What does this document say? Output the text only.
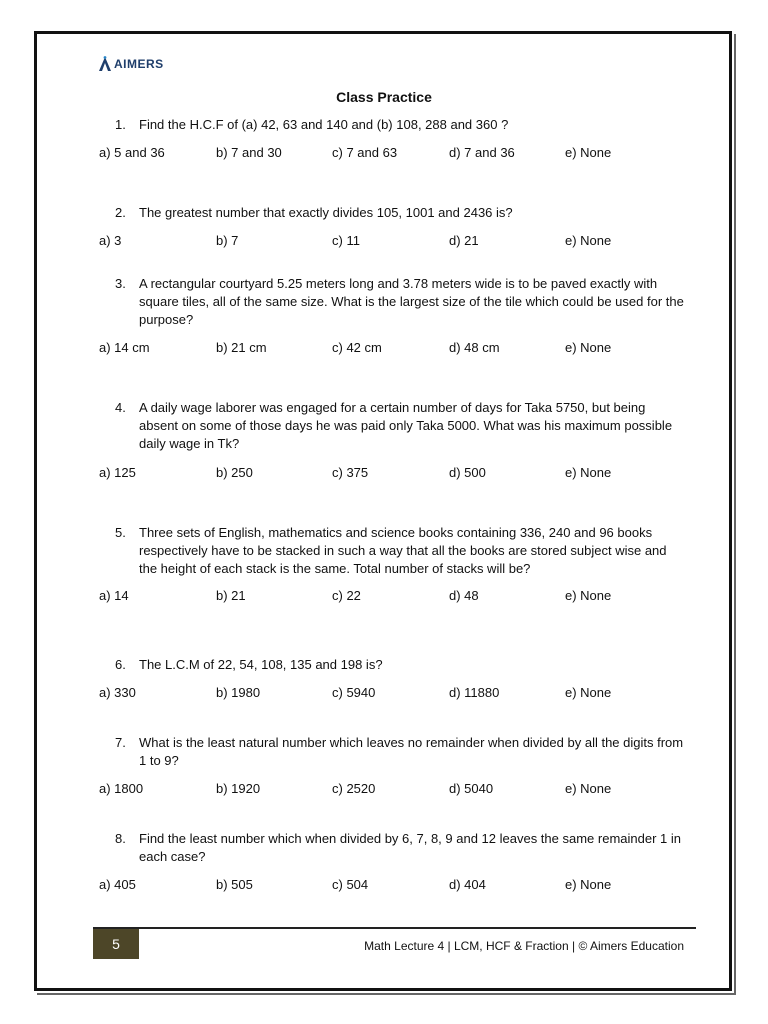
AIMERS
Class Practice
1.	Find the H.C.F of (a) 42, 63 and 140 and (b) 108, 288 and 360 ?
a) 5 and 36	b) 7 and 30	c) 7 and 63	d) 7 and 36	e) None
2.	The greatest number that exactly divides 105, 1001 and 2436 is?
a) 3	b) 7	c) 11	d) 21	e) None
3.	A rectangular courtyard 5.25 meters long and 3.78 meters wide is to be paved exactly with square tiles, all of the same size. What is the largest size of the tile which could be used for the purpose?
a) 14 cm	b) 21 cm	c) 42 cm	d) 48 cm	e) None
4.	A daily wage laborer was engaged for a certain number of days for Taka 5750, but being absent on some of those days he was paid only Taka 5000. What was his maximum possible daily wage in Tk?
a) 125	b) 250	c) 375	d) 500	e) None
5.	Three sets of English, mathematics and science books containing 336, 240 and 96 books respectively have to be stacked in such a way that all the books are stored subject wise and the height of each stack is the same. Total number of stacks will be?
a) 14	b) 21	c) 22	d) 48	e) None
6.	The L.C.M of 22, 54, 108, 135 and 198 is?
a) 330	b) 1980	c) 5940	d) 11880	e) None
7.	What is the least natural number which leaves no remainder when divided by all the digits from 1 to 9?
a) 1800	b) 1920	c) 2520	d) 5040	e) None
8.	Find the least number which when divided by 6, 7, 8, 9 and 12 leaves the same remainder 1 in each case?
a) 405	b) 505	c) 504	d) 404	e) None
5	Math Lecture 4 | LCM, HCF & Fraction | © Aimers Education
